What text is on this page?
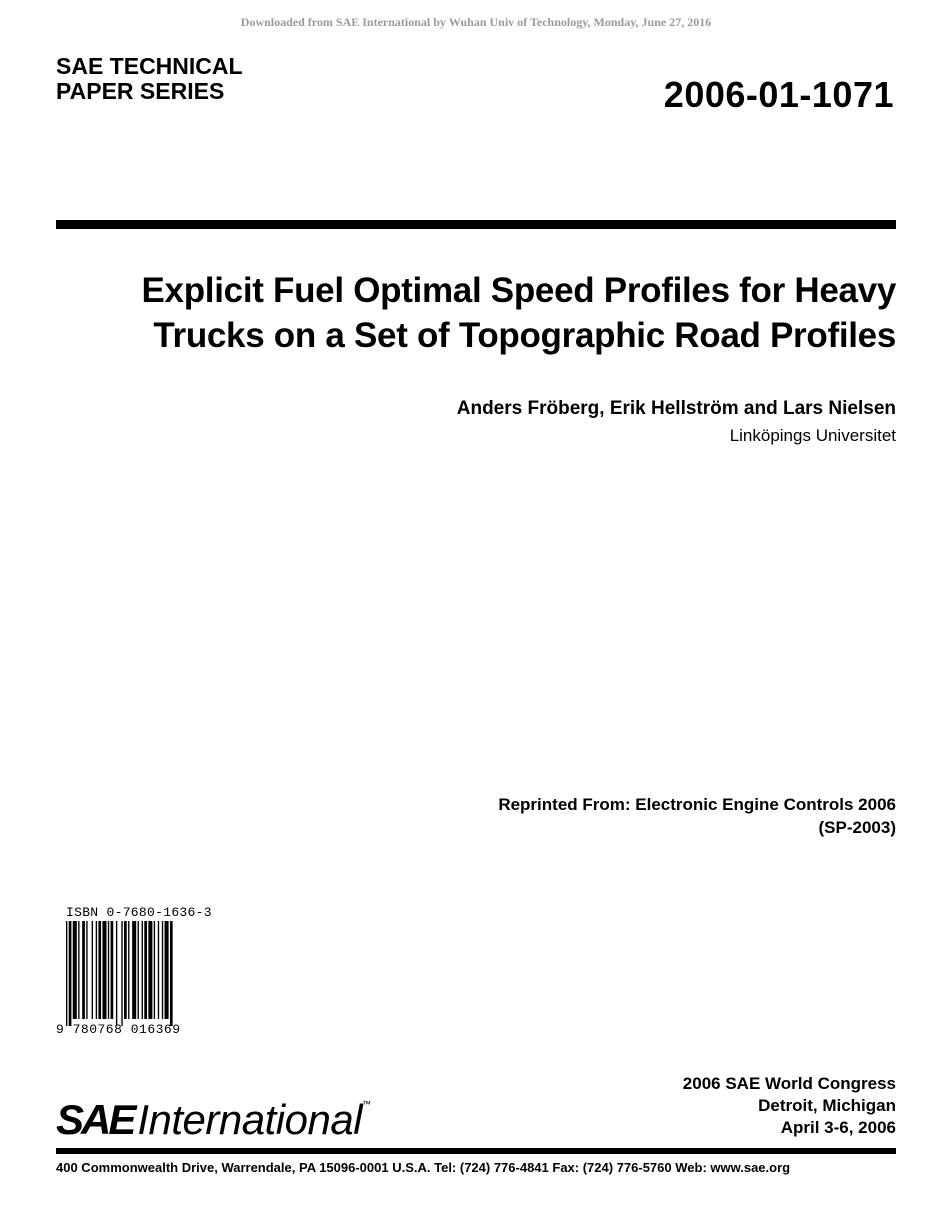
Downloaded from SAE International by Wuhan Univ of Technology, Monday, June 27, 2016
SAE TECHNICAL
PAPER SERIES	2006-01-1071
Explicit Fuel Optimal Speed Profiles for Heavy
Trucks on a Set of Topographic Road Profiles
Anders Fröberg, Erik Hellström and Lars Nielsen
Linköpings Universitet
Reprinted From: Electronic Engine Controls 2006
(SP-2003)
ISBN 0-7680-1636-3
9 780768 016369
SAE International ™
2006 SAE World Congress
Detroit, Michigan
April 3-6, 2006
400 Commonwealth Drive, Warrendale, PA 15096-0001 U.S.A. Tel: (724) 776-4841 Fax: (724) 776-5760 Web: www.sae.org
